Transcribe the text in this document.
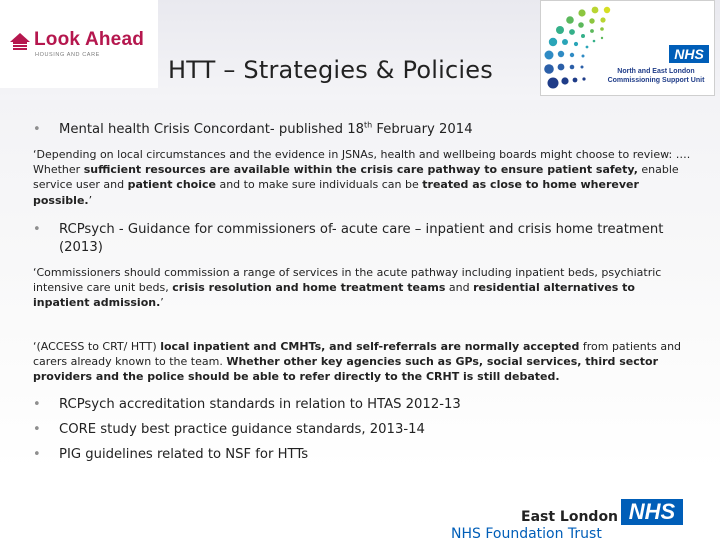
Look Ahead
HOUSING AND CARE
HTT – Strategies & Policies
NHS
North and East London
Commissioning Support Unit
• Mental health Crisis Concordant- published 18th February 2014
‘Depending on local circumstances and the evidence in JSNAs, health and wellbeing boards might choose to review: …. Whether sufficient resources are available within the crisis care pathway to ensure patient safety, enable service user and patient choice and to make sure individuals can be treated as close to home wherever possible.’
• RCPsych - Guidance for commissioners of- acute care – inpatient and crisis home treatment (2013)
‘Commissioners should commission a range of services in the acute pathway including inpatient beds, psychiatric intensive care unit beds, crisis resolution and home treatment teams and residential alternatives to inpatient admission.’
‘(ACCESS to CRT/ HTT) local inpatient and CMHTs, and self-referrals are normally accepted from patients and carers already known to the team. Whether other key agencies such as GPs, social services, third sector providers and the police should be able to refer directly to the CRHT is still debated.
• RCPsych accreditation standards in relation to HTAS 2012-13
• CORE study best practice guidance standards, 2013-14
• PIG guidelines related to NSF for HTTs
East London NHS
NHS Foundation Trust
